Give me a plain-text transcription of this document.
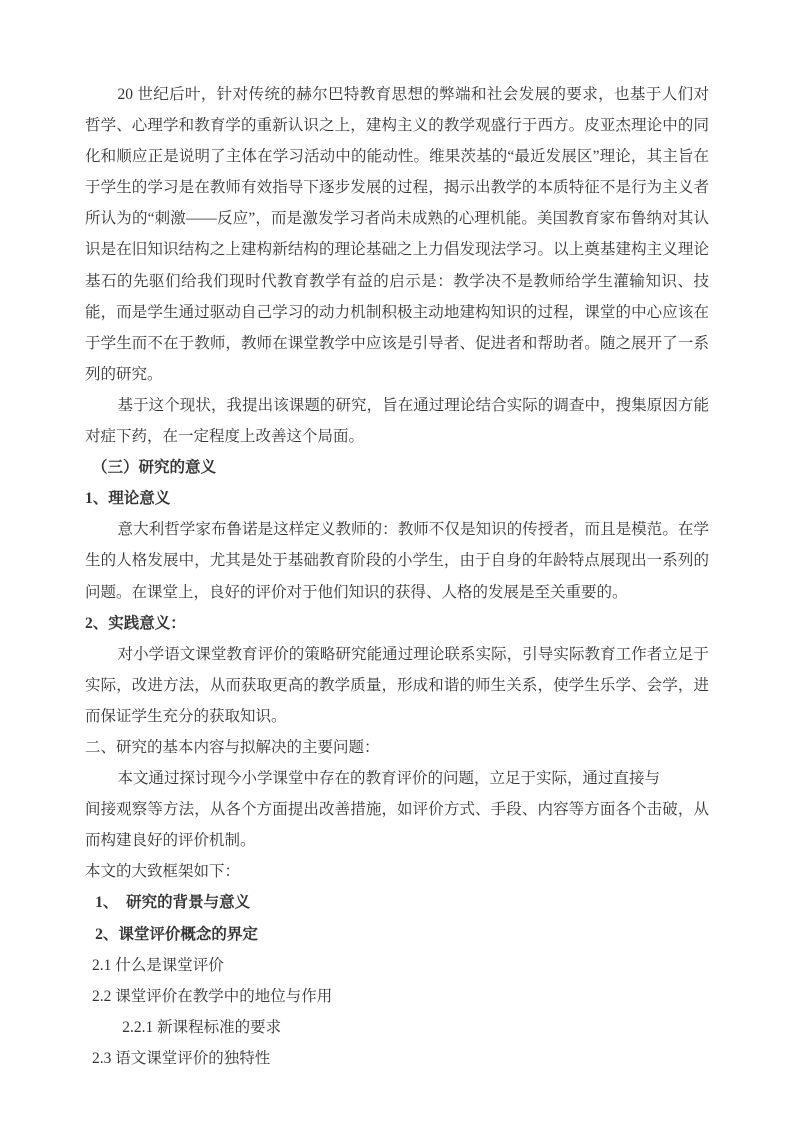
20 世纪后叶，针对传统的赫尔巴特教育思想的弊端和社会发展的要求，也基于人们对哲学、心理学和教育学的重新认识之上，建构主义的教学观盛行于西方。皮亚杰理论中的同化和顺应正是说明了主体在学习活动中的能动性。维果茨基的“最近发展区”理论，其主旨在于学生的学习是在教师有效指导下逐步发展的过程，揭示出教学的本质特征不是行为主义者所认为的“刺激——反应”，而是激发学习者尚未成熟的心理机能。美国教育家布鲁纳对其认识是在旧知识结构之上建构新结构的理论基础之上力倡发现法学习。以上奠基建构主义理论基石的先驱们给我们现时代教育教学有益的启示是：教学决不是教师给学生灌输知识、技能，而是学生通过驱动自己学习的动力机制积极主动地建构知识的过程，课堂的中心应该在于学生而不在于教师，教师在课堂教学中应该是引导者、促进者和帮助者。随之展开了一系列的研究。
基于这个现状，我提出该课题的研究，旨在通过理论结合实际的调查中，搜集原因方能对症下药，在一定程度上改善这个局面。
（三）研究的意义
1、理论意义
意大利哲学家布鲁诺是这样定义教师的：教师不仅是知识的传授者，而且是模范。在学生的人格发展中，尤其是处于基础教育阶段的小学生，由于自身的年龄特点展现出一系列的问题。在课堂上，良好的评价对于他们知识的获得、人格的发展是至关重要的。
2、实践意义：
对小学语文课堂教育评价的策略研究能通过理论联系实际，引导实际教育工作者立足于实际，改进方法，从而获取更高的教学质量，形成和谐的师生关系，使学生乐学、会学，进而保证学生充分的获取知识。
二、研究的基本内容与拟解决的主要问题：
本文通过探讨现今小学课堂中存在的教育评价的问题，立足于实际，通过直接与
间接观察等方法，从各个方面提出改善措施，如评价方式、手段、内容等方面各个击破，从而构建良好的评价机制。
本文的大致框架如下：
1、　研究的背景与意义
2、课堂评价概念的界定
2.1 什么是课堂评价
2.2 课堂评价在教学中的地位与作用
2.2.1 新课程标准的要求
2.3 语文课堂评价的独特性
